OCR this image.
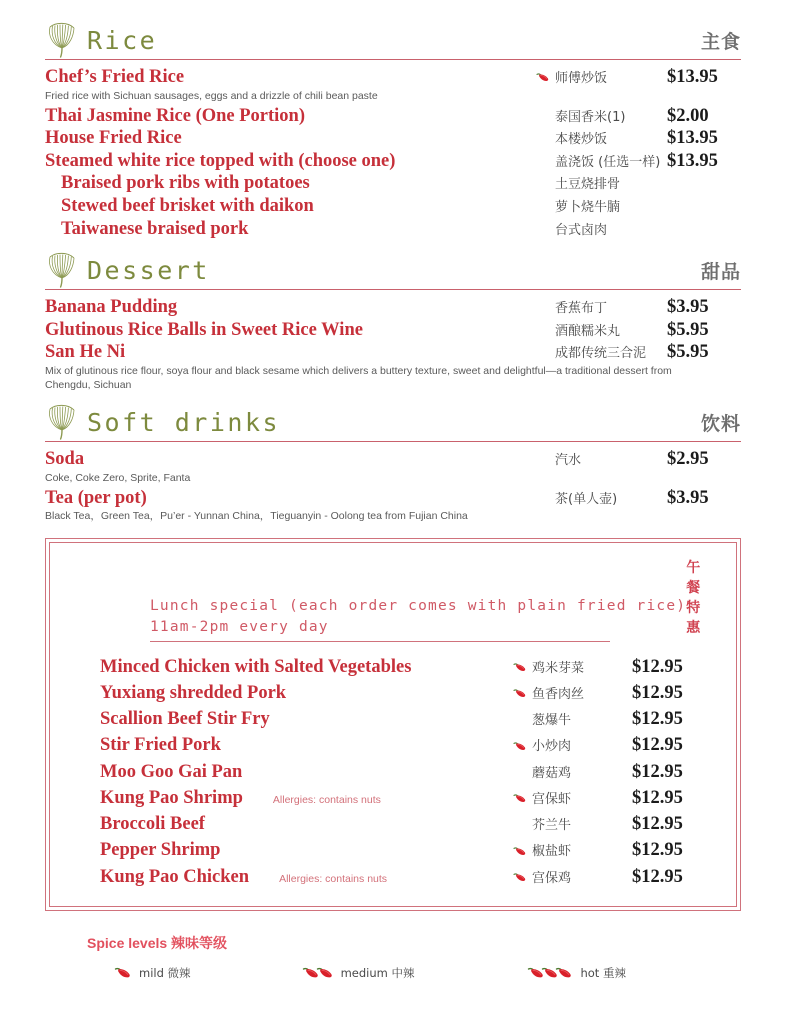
Rice	主食
Chef’s Fried Rice	师傅炒饭	$13.95
Fried rice with Sichuan sausages, eggs and a drizzle of chili bean paste
Thai Jasmine Rice (One Portion)	泰国香米(1)	$2.00
House Fried Rice	本楼炒饭	$13.95
Steamed white rice topped with (choose one)	盖浇饭 (任选一样) $13.95
Braised pork ribs with potatoes	土豆烧排骨
Stewed beef brisket with daikon	萝卜烧牛腩
Taiwanese braised pork	台式卤肉
Dessert	甜品
Banana Pudding	香蕉布丁	$3.95
Glutinous Rice Balls in Sweet Rice Wine	酒酿糯米丸	$5.95
San He Ni	成都传统三合泥	$5.95
Mix of glutinous rice flour, soya flour and black sesame which delivers a buttery texture, sweet and delightful—a traditional dessert from Chengdu, Sichuan
Soft drinks	饮料
Soda	汽水	$2.95
Coke, Coke Zero, Sprite, Fanta
Tea (per pot)	茶(单人壶)	$3.95
Black Tea，Green Tea，Pu’er - Yunnan China，Tieguanyin - Oolong tea from Fujian China
Lunch special (each order comes with plain fried rice)
11am-2pm every day
午餐特惠
Minced Chicken with Salted Vegetables	鸡米芽菜	$12.95
Yuxiang shredded Pork	鱼香肉丝	$12.95
Scallion Beef Stir Fry	葱爆牛	$12.95
Stir Fried Pork	小炒肉	$12.95
Moo Goo Gai Pan	蘑菇鸡	$12.95
Kung Pao Shrimp	Allergies: contains nuts	宫保虾	$12.95
Broccoli Beef	芥兰牛	$12.95
Pepper Shrimp	椒盐虾	$12.95
Kung Pao Chicken	Allergies: contains nuts	宫保鸡	$12.95
Spice levels 辣味等级
mild 微辣	medium 中辣	hot 重辣
